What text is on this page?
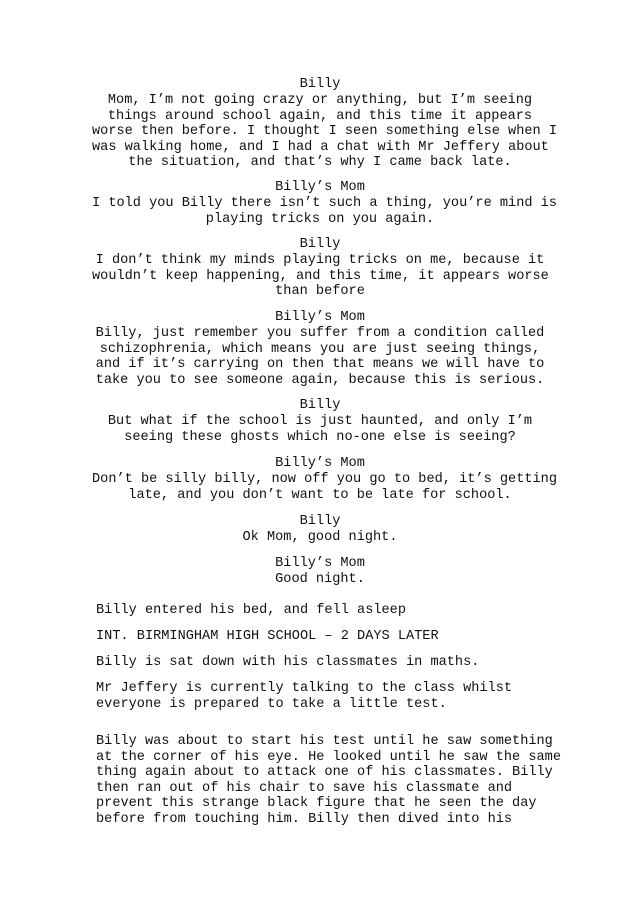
Billy

Mom, I’m not going crazy or anything, but I’m seeing
things around school again, and this time it appears
worse then before. I thought I seen something else when I
was walking home, and I had a chat with Mr Jeffery about
the situation, and that’s why I came back late.

Billy’s Mom

I told you Billy there isn’t such a thing, you’re mind is
playing tricks on you again.

Billy

I don’t think my minds playing tricks on me, because it
wouldn’t keep happening, and this time, it appears worse
than before

Billy’s Mom

Billy, just remember you suffer from a condition called
schizophrenia, which means you are just seeing things,
and if it’s carrying on then that means we will have to
take you to see someone again, because this is serious.

Billy

But what if the school is just haunted, and only I’m
seeing these ghosts which no-one else is seeing?

Billy’s Mom

Don’t be silly billy, now off you go to bed, it’s getting
late, and you don’t want to be late for school.

Billy

Ok Mom, good night.

Billy’s Mom

Good night.

Billy entered his bed, and fell asleep

INT. BIRMINGHAM HIGH SCHOOL – 2 DAYS LATER

Billy is sat down with his classmates in maths.

Mr Jeffery is currently talking to the class whilst
everyone is prepared to take a little test.

Billy was about to start his test until he saw something
at the corner of his eye. He looked until he saw the same
thing again about to attack one of his classmates. Billy
then ran out of his chair to save his classmate and
prevent this strange black figure that he seen the day
before from touching him. Billy then dived into his
